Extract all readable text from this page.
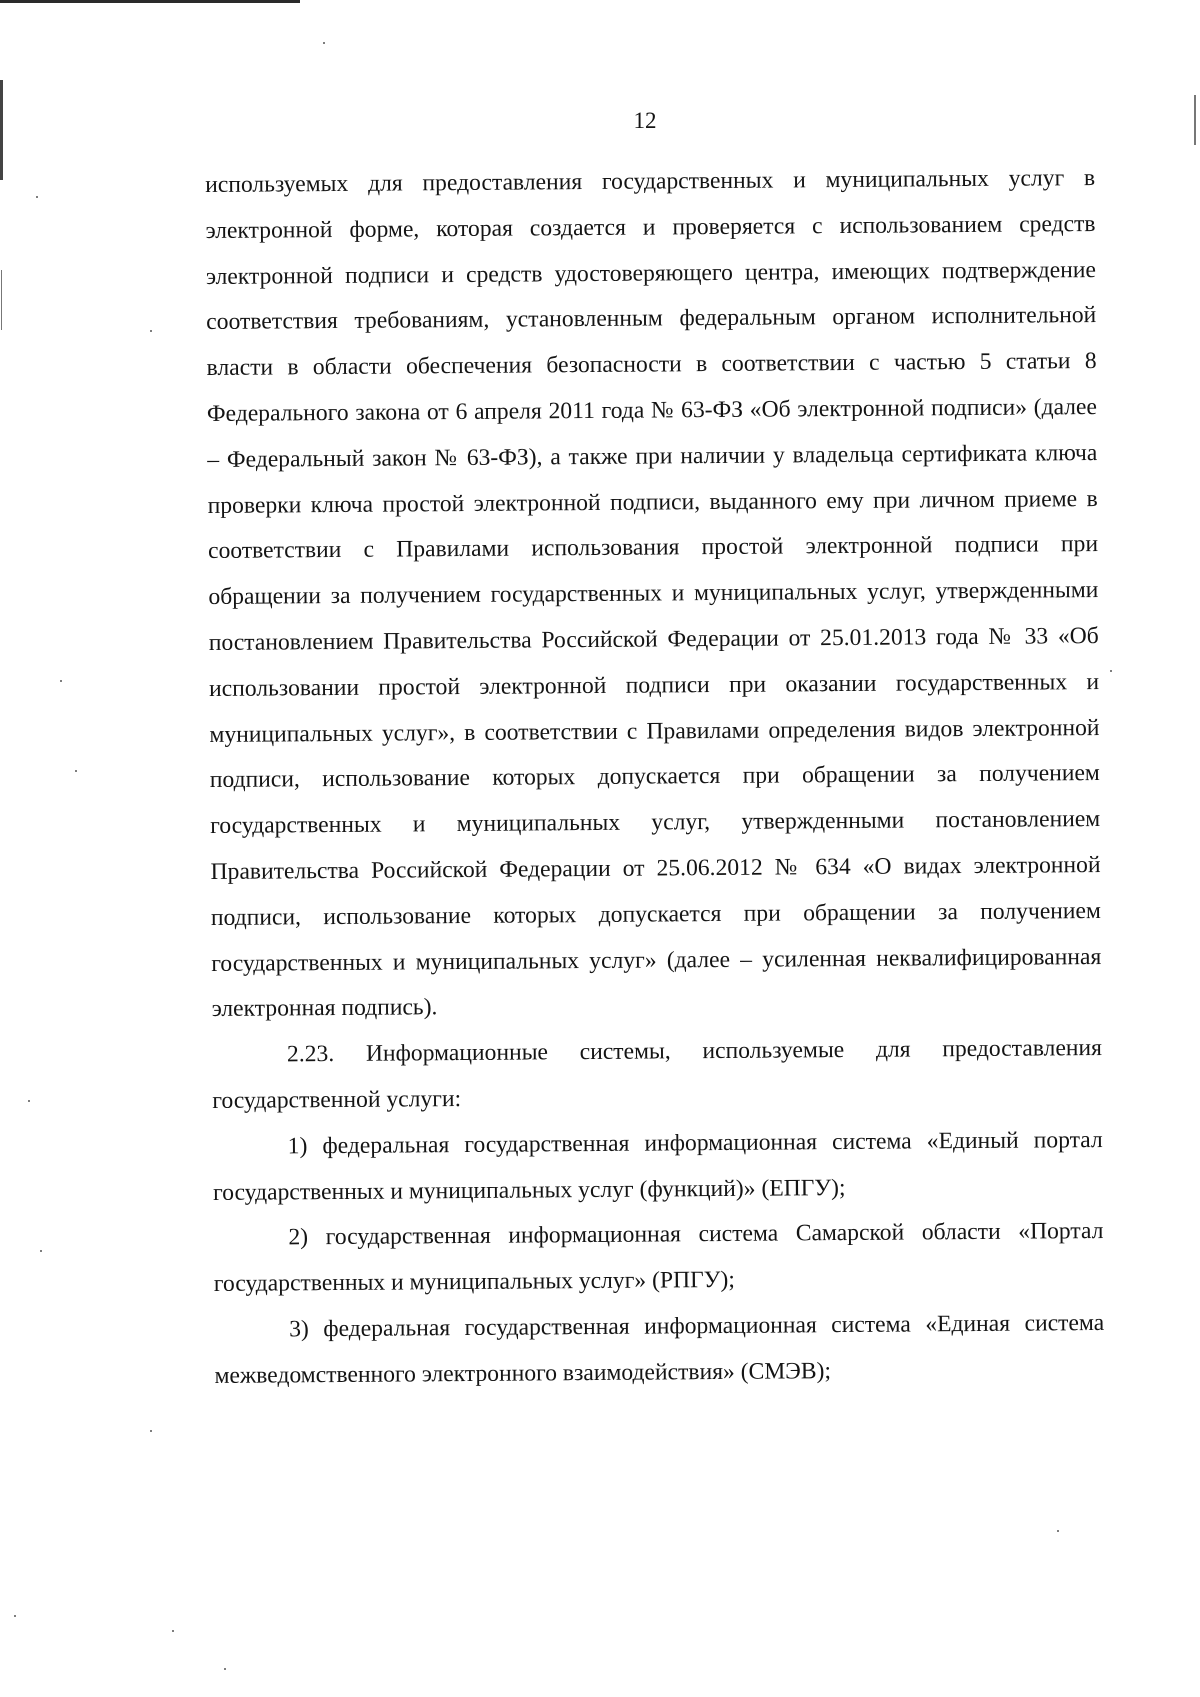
12

используемых для предоставления государственных и муниципальных услуг в электронной форме, которая создается и проверяется с использованием средств электронной подписи и средств удостоверяющего центра, имеющих подтверждение соответствия требованиям, установленным федеральным органом исполнительной власти в области обеспечения безопасности в соответствии с частью 5 статьи 8 Федерального закона от 6 апреля 2011 года № 63-ФЗ «Об электронной подписи» (далее – Федеральный закон № 63-ФЗ), а также при наличии у владельца сертификата ключа проверки ключа простой электронной подписи, выданного ему при личном приеме в соответствии с Правилами использования простой электронной подписи при обращении за получением государственных и муниципальных услуг, утвержденными постановлением Правительства Российской Федерации от 25.01.2013 года № 33 «Об использовании простой электронной подписи при оказании государственных и муниципальных услуг», в соответствии с Правилами определения видов электронной подписи, использование которых допускается при обращении за получением государственных и муниципальных услуг, утвержденными постановлением Правительства Российской Федерации от 25.06.2012 № 634 «О видах электронной подписи, использование которых допускается при обращении за получением государственных и муниципальных услуг» (далее – усиленная неквалифицированная электронная подпись).

2.23. Информационные системы, используемые для предоставления государственной услуги:

1) федеральная государственная информационная система «Единый портал государственных и муниципальных услуг (функций)» (ЕПГУ);

2) государственная информационная система Самарской области «Портал государственных и муниципальных услуг» (РПГУ);

3) федеральная государственная информационная система «Единая система межведомственного электронного взаимодействия» (СМЭВ);
